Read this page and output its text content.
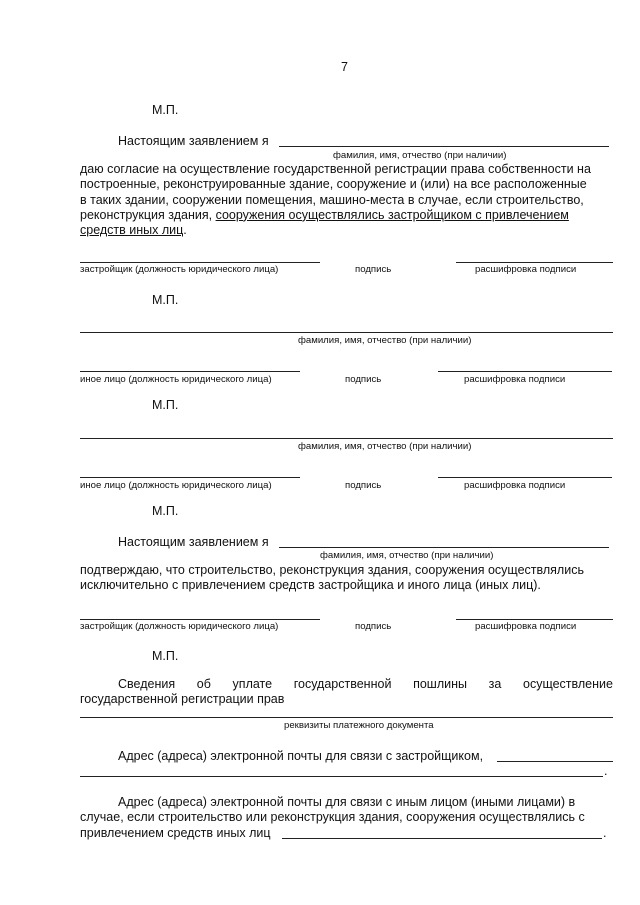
7
М.П.
Настоящим заявлением я
фамилия, имя, отчество (при наличии)
даю согласие на осуществление государственной регистрации права собственности на
построенные, реконструированные здание, сооружение и (или) на все расположенные
в таких здании, сооружении помещения, машино-места в случае, если строительство,
реконструкция здания, сооружения осуществлялись застройщиком с привлечением
средств иных лиц.
застройщик (должность юридического лица)	подпись	расшифровка подписи
М.П.
фамилия, имя, отчество (при наличии)
иное лицо (должность юридического лица)	подпись	расшифровка подписи
М.П.
фамилия, имя, отчество (при наличии)
иное лицо (должность юридического лица)	подпись	расшифровка подписи
М.П.
Настоящим заявлением я
фамилия, имя, отчество (при наличии)
подтверждаю, что строительство, реконструкция здания, сооружения осуществлялись
исключительно с привлечением средств застройщика и иного лица (иных лиц).
застройщик (должность юридического лица)	подпись	расшифровка подписи
М.П.
Сведения об уплате государственной пошлины за осуществление
государственной регистрации прав
реквизиты платежного документа
Адрес (адреса) электронной почты для связи с застройщиком,
.
Адрес (адреса) электронной почты для связи с иным лицом (иными лицами) в
случае, если строительство или реконструкция здания, сооружения осуществлялись с
привлечением средств иных лиц	.
